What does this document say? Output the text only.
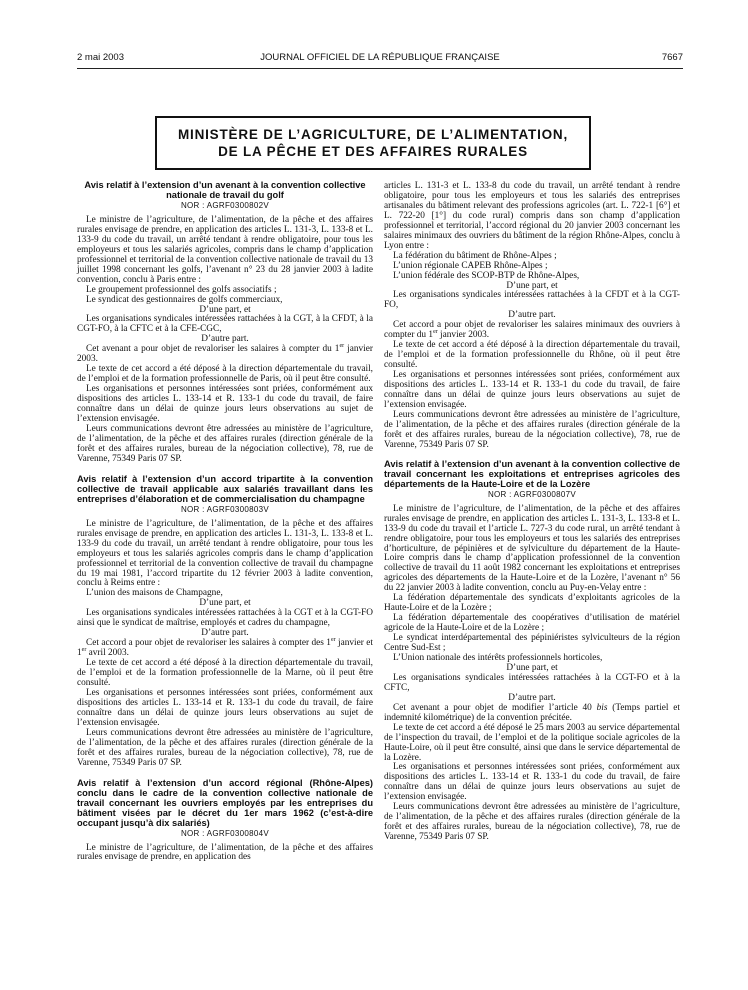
2 mai 2003	JOURNAL OFFICIEL DE LA RÉPUBLIQUE FRANÇAISE	7667
MINISTÈRE DE L’AGRICULTURE, DE L’ALIMENTATION,
DE LA PÊCHE ET DES AFFAIRES RURALES
Avis relatif à l’extension d’un avenant à la convention collective nationale de travail du golf
NOR : AGRF0300802V

Le ministre de l’agriculture, de l’alimentation, de la pêche et des affaires rurales envisage de prendre, en application des articles L. 131-3, L. 133-8 et L. 133-9 du code du travail, un arrêté tendant à rendre obligatoire, pour tous les employeurs et tous les salariés agricoles, compris dans le champ d’application professionnel et territorial de la convention collective nationale de travail du 13 juillet 1998 concernant les golfs, l’avenant n° 23 du 28 janvier 2003 à ladite convention, conclu à Paris entre :

Le groupement professionnel des golfs associatifs ;

Le syndicat des gestionnaires de golfs commerciaux,

D’une part, et

Les organisations syndicales intéressées rattachées à la CGT, à la CFDT, à la CGT-FO, à la CFTC et à la CFE-CGC,

D’autre part.

Cet avenant a pour objet de revaloriser les salaires à compter du 1er janvier 2003.

Le texte de cet accord a été déposé à la direction départementale du travail, de l’emploi et de la formation professionnelle de Paris, où il peut être consulté.

Les organisations et personnes intéressées sont priées, conformément aux dispositions des articles L. 133-14 et R. 133-1 du code du travail, de faire connaître dans un délai de quinze jours leurs observations au sujet de l’extension envisagée.

Leurs communications devront être adressées au ministère de l’agriculture, de l’alimentation, de la pêche et des affaires rurales (direction générale de la forêt et des affaires rurales, bureau de la négociation collective), 78, rue de Varenne, 75349 Paris 07 SP.

Avis relatif à l’extension d’un accord tripartite à la convention collective de travail applicable aux salariés travaillant dans les entreprises d’élaboration et de commercialisation du champagne
NOR : AGRF0300803V

Le ministre de l’agriculture, de l’alimentation, de la pêche et des affaires rurales envisage de prendre, en application des articles L. 131-3, L. 133-8 et L. 133-9 du code du travail, un arrêté tendant à rendre obligatoire, pour tous les employeurs et tous les salariés agricoles compris dans le champ d’application professionnel et territorial de la convention collective de travail du champagne du 19 mai 1981, l’accord tripartite du 12 février 2003 à ladite convention, conclu à Reims entre :

L’union des maisons de Champagne,

D’une part, et

Les organisations syndicales intéressées rattachées à la CGT et à la CGT-FO ainsi que le syndicat de maîtrise, employés et cadres du champagne,

D’autre part.

Cet accord a pour objet de revaloriser les salaires à compter des 1er janvier et 1er avril 2003.

Le texte de cet accord a été déposé à la direction départementale du travail, de l’emploi et de la formation professionnelle de la Marne, où il peut être consulté.

Les organisations et personnes intéressées sont priées, conformément aux dispositions des articles L. 133-14 et R. 133-1 du code du travail, de faire connaître dans un délai de quinze jours leurs observations au sujet de l’extension envisagée.

Leurs communications devront être adressées au ministère de l’agriculture, de l’alimentation, de la pêche et des affaires rurales (direction générale de la forêt et des affaires rurales, bureau de la négociation collective), 78, rue de Varenne, 75349 Paris 07 SP.

Avis relatif à l’extension d’un accord régional (Rhône-Alpes) conclu dans le cadre de la convention collective nationale de travail concernant les ouvriers employés par les entreprises du bâtiment visées par le décret du 1er mars 1962 (c’est-à-dire occupant jusqu’à dix salariés)
NOR : AGRF0300804V

Le ministre de l’agriculture, de l’alimentation, de la pêche et des affaires rurales envisage de prendre, en application des

articles L. 131-3 et L. 133-8 du code du travail, un arrêté tendant à rendre obligatoire, pour tous les employeurs et tous les salariés des entreprises artisanales du bâtiment relevant des professions agricoles (art. L. 722-1 [6°] et L. 722-20 [1°] du code rural) compris dans son champ d’application professionnel et territorial, l’accord régional du 20 janvier 2003 concernant les salaires minimaux des ouvriers du bâtiment de la région Rhône-Alpes, conclu à Lyon entre :

La fédération du bâtiment de Rhône-Alpes ;

L’union régionale CAPEB Rhône-Alpes ;

L’union fédérale des SCOP-BTP de Rhône-Alpes,

D’une part, et

Les organisations syndicales intéressées rattachées à la CFDT et à la CGT-FO,

D’autre part.

Cet accord a pour objet de revaloriser les salaires minimaux des ouvriers à compter du 1er janvier 2003.

Le texte de cet accord a été déposé à la direction départementale du travail, de l’emploi et de la formation professionnelle du Rhône, où il peut être consulté.

Les organisations et personnes intéressées sont priées, conformément aux dispositions des articles L. 133-14 et R. 133-1 du code du travail, de faire connaître dans un délai de quinze jours leurs observations au sujet de l’extension envisagée.

Leurs communications devront être adressées au ministère de l’agriculture, de l’alimentation, de la pêche et des affaires rurales (direction générale de la forêt et des affaires rurales, bureau de la négociation collective), 78, rue de Varenne, 75349 Paris 07 SP.

Avis relatif à l’extension d’un avenant à la convention collective de travail concernant les exploitations et entreprises agricoles des départements de la Haute-Loire et de la Lozère
NOR : AGRF0300807V

Le ministre de l’agriculture, de l’alimentation, de la pêche et des affaires rurales envisage de prendre, en application des articles L. 131-3, L. 133-8 et L. 133-9 du code du travail et l’article L. 727-3 du code rural, un arrêté tendant à rendre obligatoire, pour tous les employeurs et tous les salariés des entreprises d’horticulture, de pépinières et de sylviculture du département de la Haute-Loire compris dans le champ d’application professionnel de la convention collective de travail du 11 août 1982 concernant les exploitations et entreprises agricoles des départements de la Haute-Loire et de la Lozère, l’avenant n° 56 du 22 janvier 2003 à ladite convention, conclu au Puy-en-Velay entre :

La fédération départementale des syndicats d’exploitants agricoles de la Haute-Loire et de la Lozère ;

La fédération départementale des coopératives d’utilisation de matériel agricole de la Haute-Loire et de la Lozère ;

Le syndicat interdépartemental des pépiniéristes sylviculteurs de la région Centre Sud-Est ;

L’Union nationale des intérêts professionnels horticoles,

D’une part, et

Les organisations syndicales intéressées rattachées à la CGT-FO et à la CFTC,

D’autre part.

Cet avenant a pour objet de modifier l’article 40 bis (Temps partiel et indemnité kilométrique) de la convention précitée.

Le texte de cet accord a été déposé le 25 mars 2003 au service départemental de l’inspection du travail, de l’emploi et de la politique sociale agricoles de la Haute-Loire, où il peut être consulté, ainsi que dans le service départemental de la Lozère.

Les organisations et personnes intéressées sont priées, conformément aux dispositions des articles L. 133-14 et R. 133-1 du code du travail, de faire connaître dans un délai de quinze jours leurs observations au sujet de l’extension envisagée.

Leurs communications devront être adressées au ministère de l’agriculture, de l’alimentation, de la pêche et des affaires rurales (direction générale de la forêt et des affaires rurales, bureau de la négociation collective), 78, rue de Varenne, 75349 Paris 07 SP.
